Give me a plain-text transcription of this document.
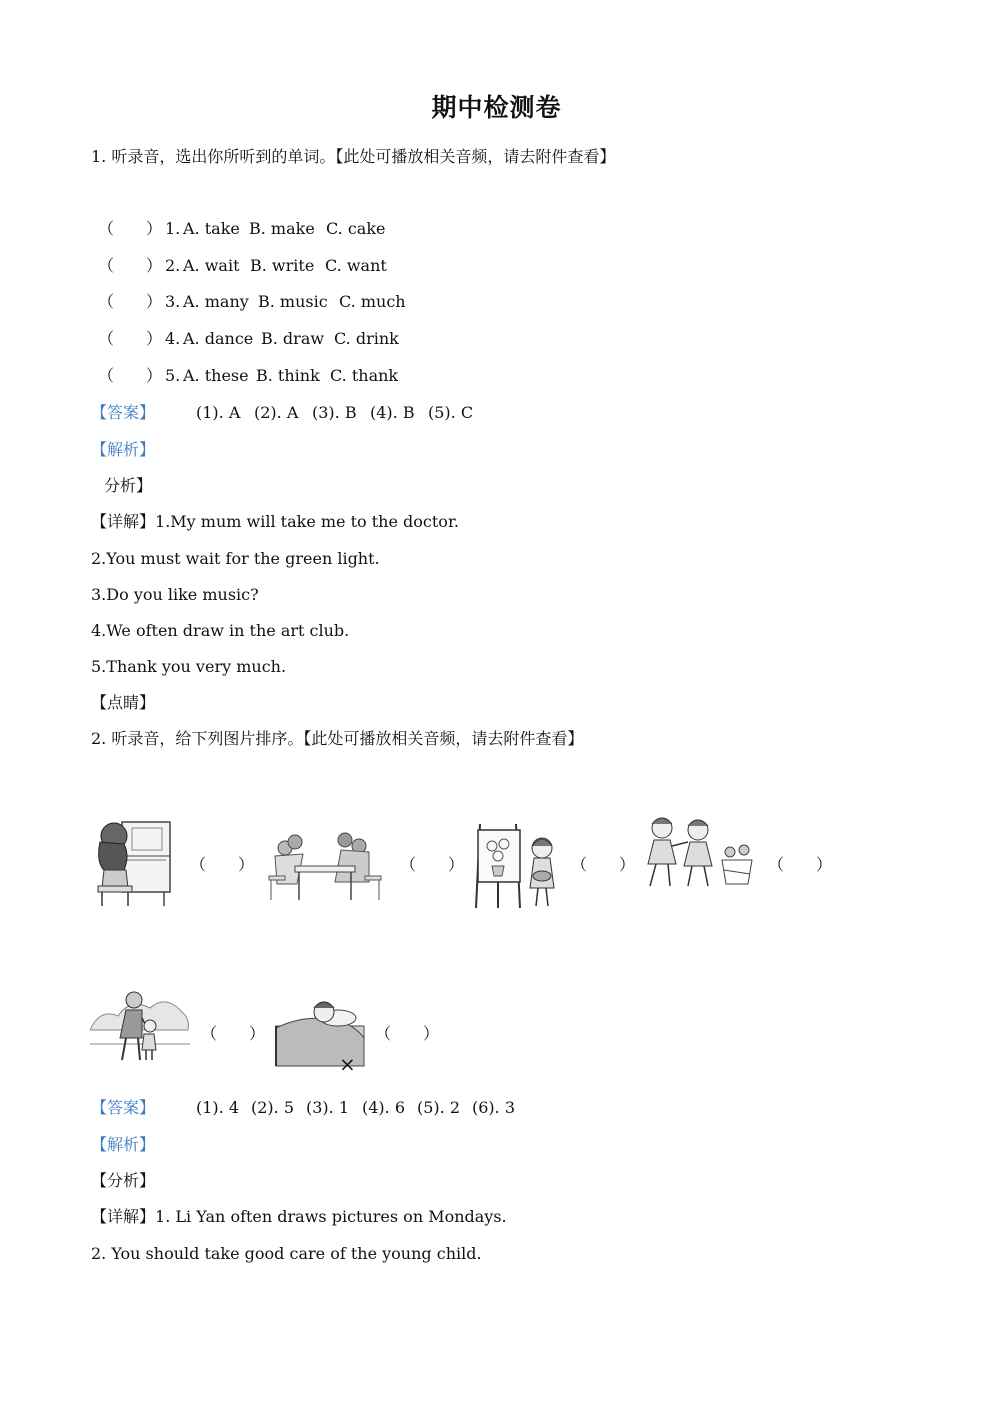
期中检测卷
1. 听录音，选出你所听到的单词。【此处可播放相关音频，请去附件查看】
（　　） 1. A. take B. make C. cake
（　　） 2. A. wait B. write C. want
（　　） 3. A. many B. music C. much
（　　） 4. A. dance B. draw C. drink
（　　） 5. A. these B. think C. thank
【答案】	(1). A (2). A (3). B (4). B (5). C
【解析】
分析】
【详解】1.My mum will take me to the doctor.
2.You must wait for the green light.
3.Do you like music?
4.We often draw in the art club.
5.Thank you very much.
【点睛】
2. 听录音，给下列图片排序。【此处可播放相关音频，请去附件查看】
（　　）	（　　）	（　　）	（　　）
（　　）	（　　）
×
【答案】	(1). 4 (2). 5 (3). 1 (4). 6 (5). 2 (6). 3
【解析】
【分析】
【详解】1. Li Yan often draws pictures on Mondays.
2. You should take good care of the young child.
